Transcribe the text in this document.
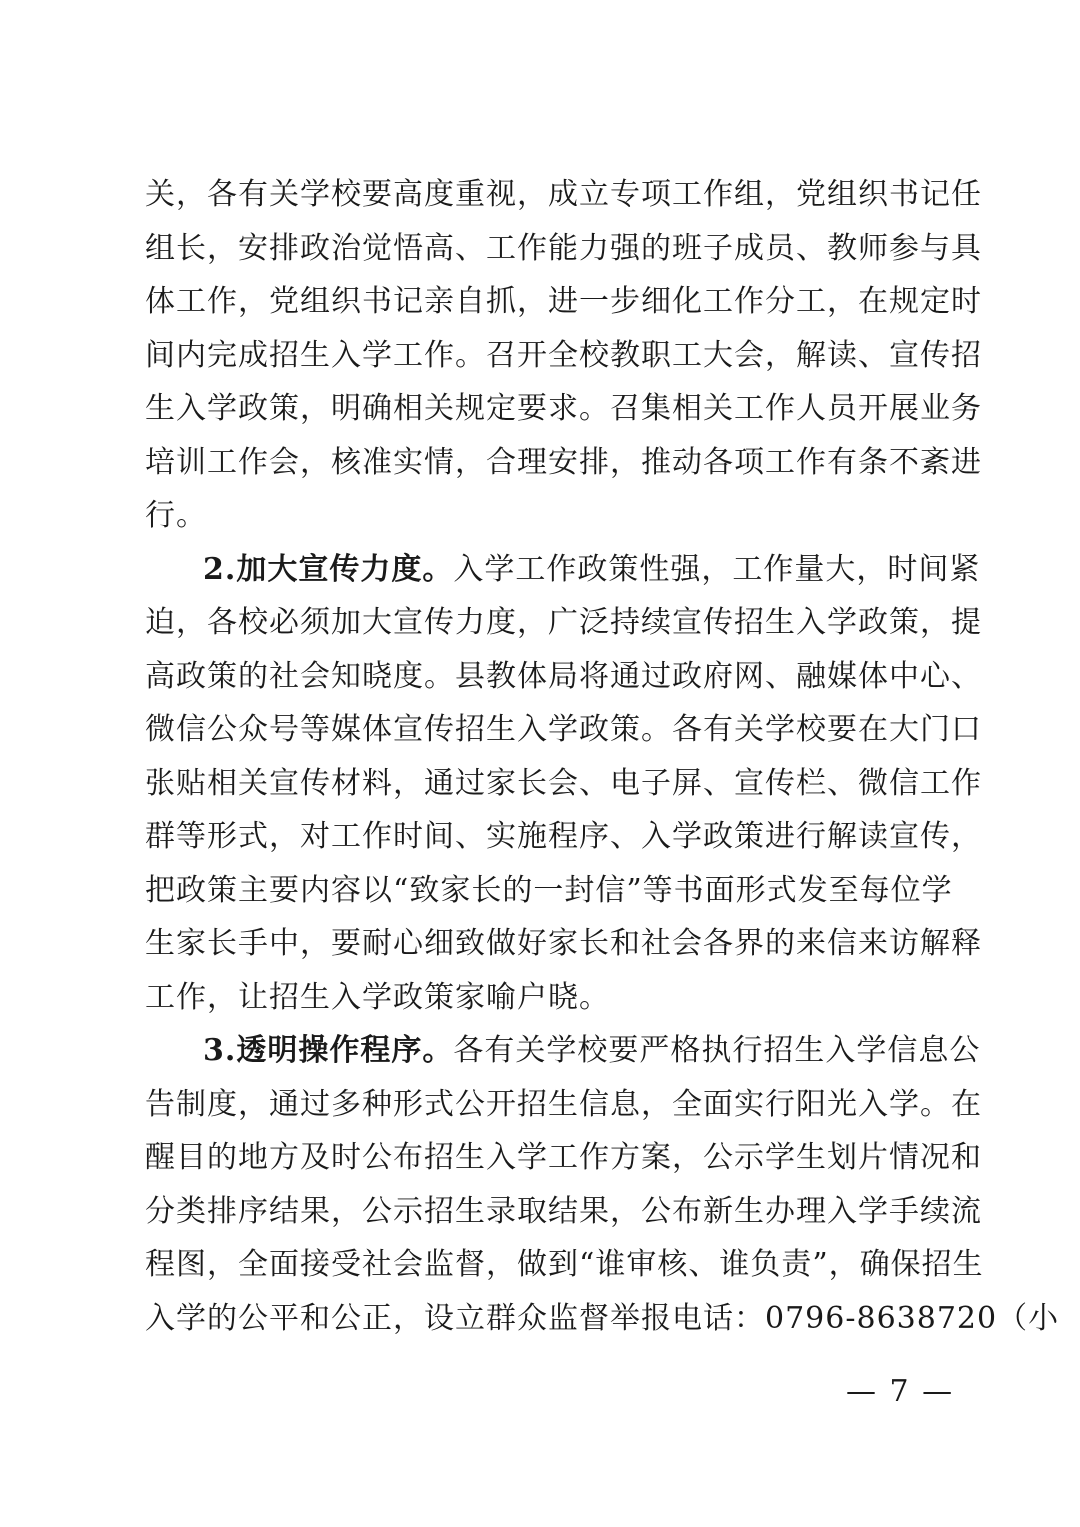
关，各有关学校要高度重视，成立专项工作组，党组织书记任
组长，安排政治觉悟高、工作能力强的班子成员、教师参与具
体工作，党组织书记亲自抓，进一步细化工作分工，在规定时
间内完成招生入学工作。召开全校教职工大会，解读、宣传招
生入学政策，明确相关规定要求。召集相关工作人员开展业务
培训工作会，核准实情，合理安排，推动各项工作有条不紊进
行。
2.加大宣传力度。入学工作政策性强，工作量大，时间紧
迫，各校必须加大宣传力度，广泛持续宣传招生入学政策，提
高政策的社会知晓度。县教体局将通过政府网、融媒体中心、
微信公众号等媒体宣传招生入学政策。各有关学校要在大门口
张贴相关宣传材料，通过家长会、电子屏、宣传栏、微信工作
群等形式，对工作时间、实施程序、入学政策进行解读宣传，
把政策主要内容以“致家长的一封信”等书面形式发至每位学
生家长手中，要耐心细致做好家长和社会各界的来信来访解释
工作，让招生入学政策家喻户晓。
3.透明操作程序。各有关学校要严格执行招生入学信息公
告制度，通过多种形式公开招生信息，全面实行阳光入学。在
醒目的地方及时公布招生入学工作方案，公示学生划片情况和
分类排序结果，公示招生录取结果，公布新生办理入学手续流
程图，全面接受社会监督，做到“谁审核、谁负责”，确保招生
入学的公平和公正，设立群众监督举报电话：0796-8638720（小
— 7 —
